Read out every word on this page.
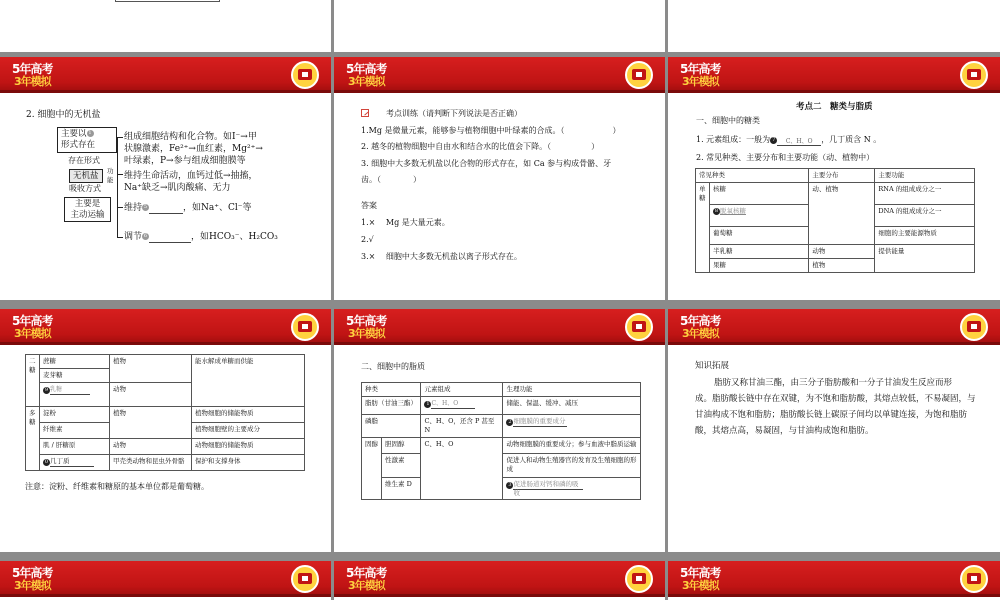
5年高考
3年模拟
2. 细胞中的无机盐
主要以 1
形式存在
存在形式
无机盐
吸收方式
功能
主要是
主动运输
组成细胞结构和化合物。如I⁻→甲
状腺激素，Fe²⁺→血红素，Mg²⁺→
叶绿素，P→参与组成细胞膜等
维持生命活动，血钙过低→抽搐，
Na⁺缺乏→肌肉酸痛、无力
维持 5	，如Na⁺、Cl⁻等
调节 6	，如HCO₃⁻、H₂CO₃
5年高考
3年模拟
考点训练（请判断下列说法是否正确）
1.Mg 是微量元素，能够参与植物细胞中叶绿素的合成。（　　　　　　）
2. 越冬的植物细胞中自由水和结合水的比值会下降。（　　　　　）
3. 细胞中大多数无机盐以化合物的形式存在，如 Ca 参与构成骨骼、牙
齿。（　　　　）
答案
1.×　 Mg 是大量元素。
2.√
3.×　 细胞中大多数无机盐以离子形式存在。
5年高考
3年模拟
考点二　糖类与脂质
一、细胞中的糖类
1. 元素组成：一般为 7 C、H、O ，几丁质含 N 。
2. 常见种类、主要分布和主要功能（动、植物中）
常见种类		主要分布	主要功能
单糖	核糖	动、植物	RNA 的组成成分之一
	8 脱氧核糖		DNA 的组成成分之一
	葡萄糖		细胞的主要能源物质
	半乳糖	动物	提供能量
	果糖	植物	
5年高考
3年模拟
二糖	蔗糖	植物	能水解成单糖而供能
	麦芽糖		
	9 乳糖	动物	
多糖	淀粉	植物	植物细胞的储能物质
	纤维素		植物细胞壁的主要成分
	肌 / 肝糖原	动物	动物细胞的储能物质
	0 几丁质	甲壳类动物和昆虫外骨骼	保护和支撑身体
注意：淀粉、纤维素和糖原的基本单位都是葡萄糖。
5年高考
3年模拟
二、细胞中的脂质
种类		元素组成	生理功能
脂肪（甘油三酯）		1 C、H、O	储能、保温、缓冲、减压
磷脂		C、H、O，还含 P 甚至 N	2 细胞膜的重要成分
固醇	胆固醇	C、H、O	动物细胞膜的重要成分；参与血液中脂质运输
	性激素		促进人和动物生殖器官的发育及生殖细胞的形成
	维生素 D		3 促进肠道对钙和磷的吸收
5年高考
3年模拟
知识拓展
脂肪又称甘油三酯，由三分子脂肪酸和一分子甘油发生反应而形
成。脂肪酸长链中存在双键，为不饱和脂肪酸，其熔点较低，不易凝固，与
甘油构成不饱和脂肪；脂肪酸长链上碳原子间均以单键连接，为饱和脂肪
酸，其熔点高，易凝固，与甘油构成饱和脂肪。
5年高考
3年模拟
5年高考
3年模拟
5年高考
3年模拟
